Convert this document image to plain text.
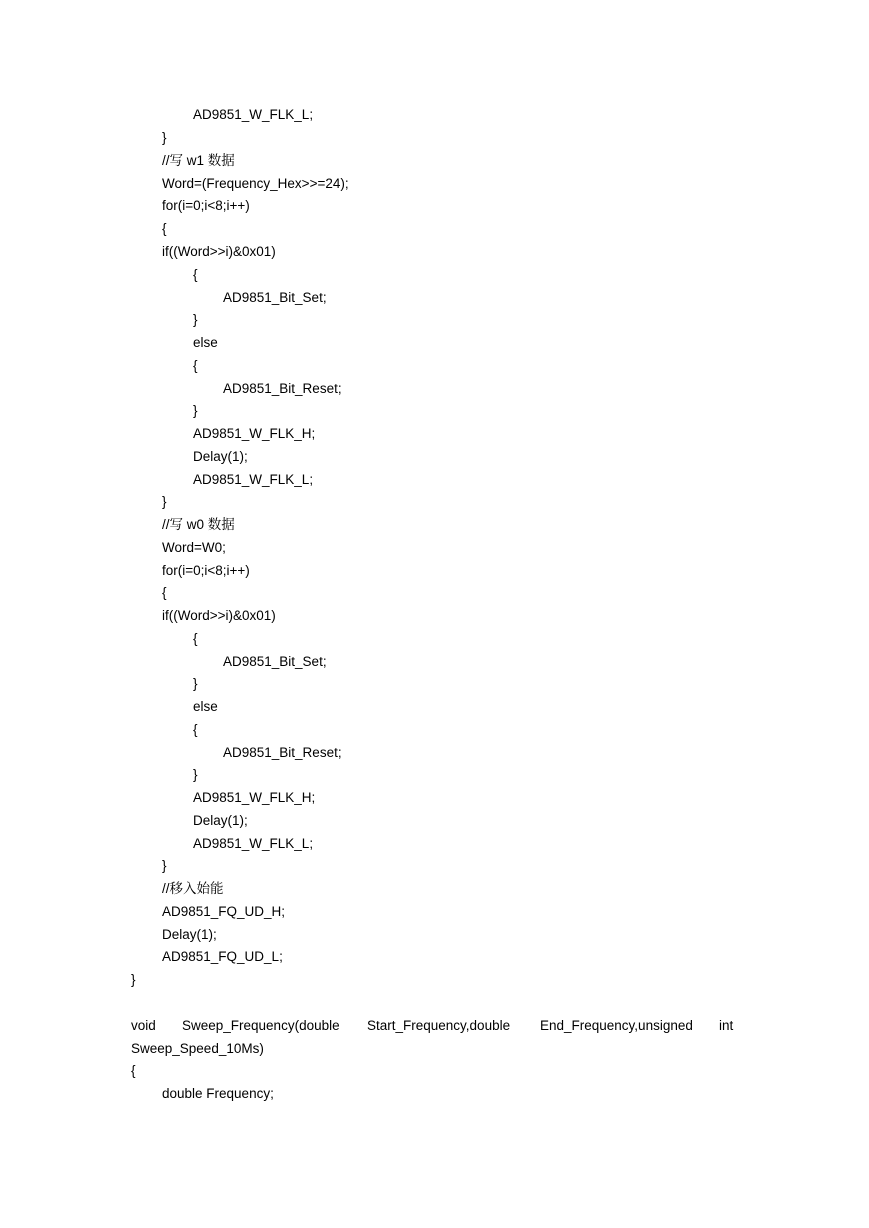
AD9851_W_FLK_L;
}
//写 w1 数据
Word=(Frequency_Hex>>=24);
for(i=0;i<8;i++)
{
if((Word>>i)&0x01)
{
AD9851_Bit_Set;
}
else
{
AD9851_Bit_Reset;
}
AD9851_W_FLK_H;
Delay(1);
AD9851_W_FLK_L;
}
//写 w0 数据
Word=W0;
for(i=0;i<8;i++)
{
if((Word>>i)&0x01)
{
AD9851_Bit_Set;
}
else
{
AD9851_Bit_Reset;
}
AD9851_W_FLK_H;
Delay(1);
AD9851_W_FLK_L;
}
//移入始能
AD9851_FQ_UD_H;
Delay(1);
AD9851_FQ_UD_L;
}
void Sweep_Frequency(double Start_Frequency,double End_Frequency,unsigned int
Sweep_Speed_10Ms)
{
double Frequency;
